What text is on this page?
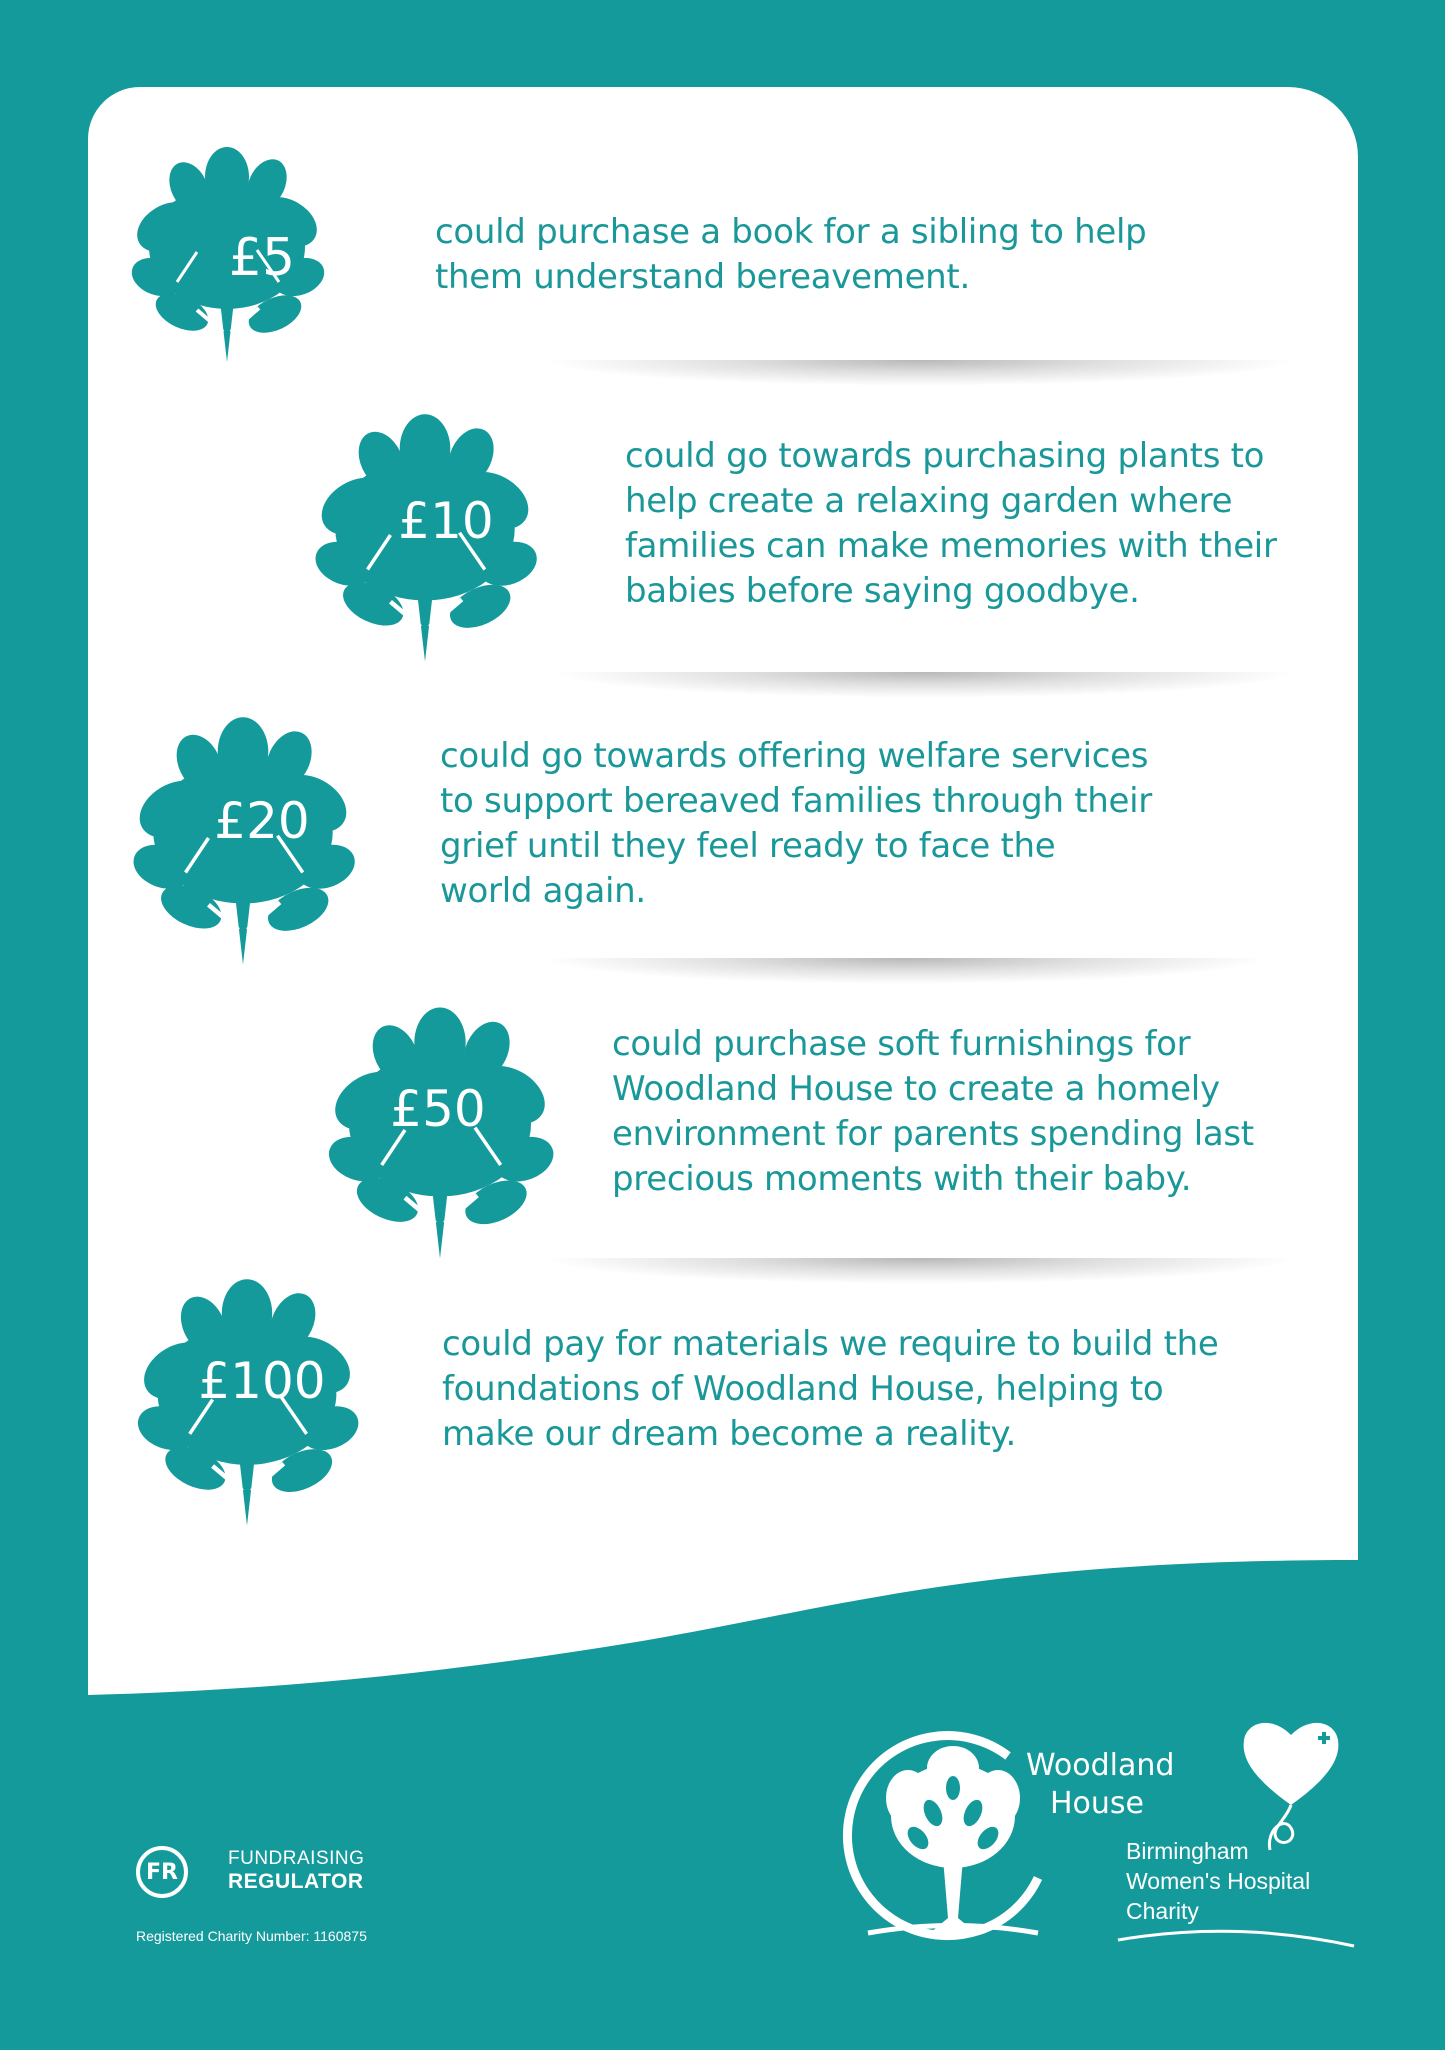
£5	could purchase a book for a sibling to help
them understand bereavement.
£10
could go towards purchasing plants to
help create a relaxing garden where
families can make memories with their
babies before saying goodbye.
£20
could go towards offering welfare services
to support bereaved families through their
grief until they feel ready to face the
world again.
£50
could purchase soft furnishings for
Woodland House to create a homely
environment for parents spending last
precious moments with their baby.
£100
could pay for materials we require to build the
foundations of Woodland House, helping to
make our dream become a reality.
FR
FUNDRAISING
REGULATOR
Registered Charity Number: 1160875
Woodland
House
Birmingham
Women's Hospital
Charity
